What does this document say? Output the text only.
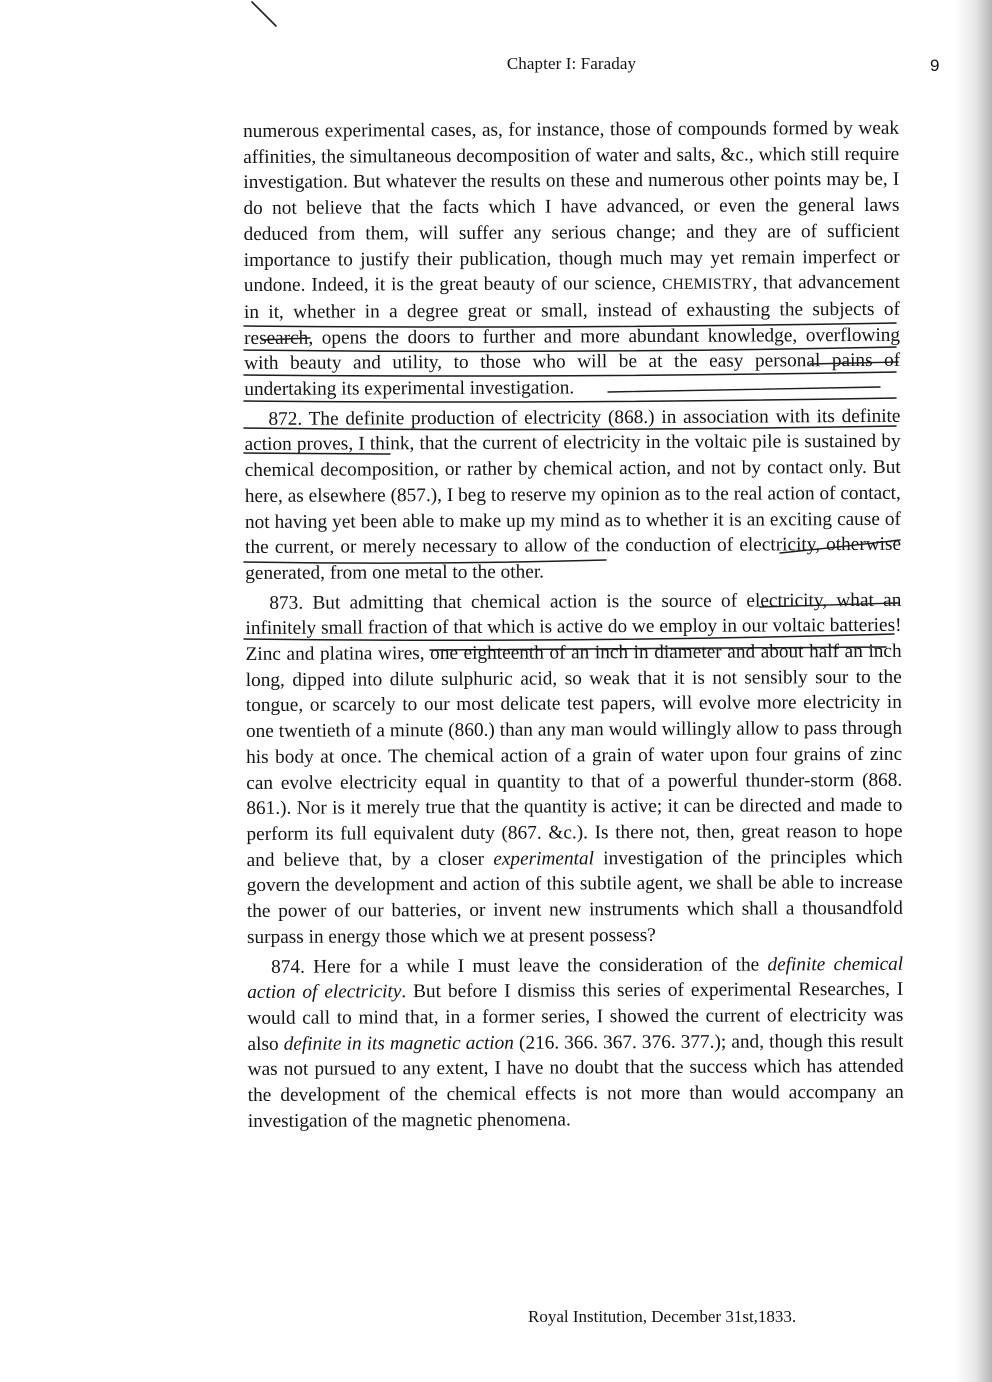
Chapter I: Faraday	9

numerous experimental cases, as, for instance, those of compounds formed by weak affinities, the simultaneous decomposition of water and salts, &c., which still require investigation. But whatever the results on these and numerous other points may be, I do not believe that the facts which I have advanced, or even the general laws deduced from them, will suffer any serious change; and they are of sufficient importance to justify their publication, though much may yet remain imperfect or undone. Indeed, it is the great beauty of our science, CHEMISTRY, that advancement in it, whether in a degree great or small, instead of exhausting the subjects of research, opens the doors to further and more abundant knowledge, overflowing with beauty and utility, to those who will be at the easy personal pains of undertaking its experimental investigation.

872. The definite production of electricity (868.) in association with its definite action proves, I think, that the current of electricity in the voltaic pile is sustained by chemical decomposition, or rather by chemical action, and not by contact only. But here, as elsewhere (857.), I beg to reserve my opinion as to the real action of contact, not having yet been able to make up my mind as to whether it is an exciting cause of the current, or merely necessary to allow of the conduction of electricity, otherwise generated, from one metal to the other.

873. But admitting that chemical action is the source of electricity, what an infinitely small fraction of that which is active do we employ in our voltaic batteries! Zinc and platina wires, one eighteenth of an inch in diameter and about half an inch long, dipped into dilute sulphuric acid, so weak that it is not sensibly sour to the tongue, or scarcely to our most delicate test papers, will evolve more electricity in one twentieth of a minute (860.) than any man would willingly allow to pass through his body at once. The chemical action of a grain of water upon four grains of zinc can evolve electricity equal in quantity to that of a powerful thunder-storm (868. 861.). Nor is it merely true that the quantity is active; it can be directed and made to perform its full equivalent duty (867. &c.). Is there not, then, great reason to hope and believe that, by a closer experimental investigation of the principles which govern the development and action of this subtile agent, we shall be able to increase the power of our batteries, or invent new instruments which shall a thousandfold surpass in energy those which we at present possess?

874. Here for a while I must leave the consideration of the definite chemical action of electricity. But before I dismiss this series of experimental Researches, I would call to mind that, in a former series, I showed the current of electricity was also definite in its magnetic action (216. 366. 367. 376. 377.); and, though this result was not pursued to any extent, I have no doubt that the success which has attended the development of the chemical effects is not more than would accompany an investigation of the magnetic phenomena.

Royal Institution, December 31st,1833.
